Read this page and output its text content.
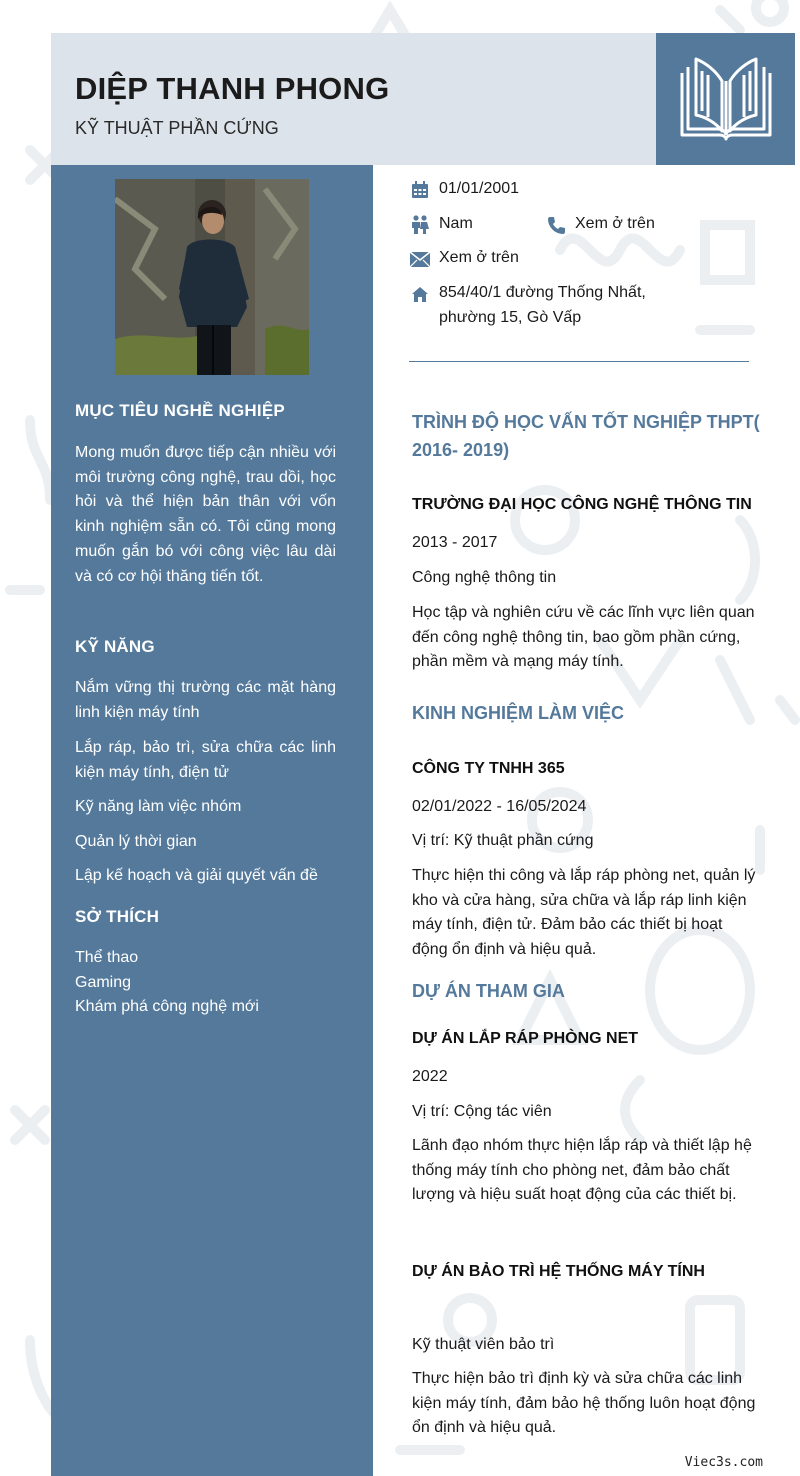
DIỆP THANH PHONG
KỸ THUẬT PHẦN CỨNG
MỤC TIÊU NGHỀ NGHIỆP
Mong muốn được tiếp cận nhiều với môi trường công nghệ, trau dồi, học hỏi và thể hiện bản thân với vốn kinh nghiệm sẵn có. Tôi cũng mong muốn gắn bó với công việc lâu dài và có cơ hội thăng tiến tốt.
KỸ NĂNG
Nắm vững thị trường các mặt hàng linh kiện máy tính
Lắp ráp, bảo trì, sửa chữa các linh kiện máy tính, điện tử
Kỹ năng làm việc nhóm
Quản lý thời gian
Lập kế hoạch và giải quyết vấn đề
SỞ THÍCH
Thể thao
Gaming
Khám phá công nghệ mới
01/01/2001
Nam	Xem ở trên
Xem ở trên
854/40/1 đường Thống Nhất,
phường 15, Gò Vấp
TRÌNH ĐỘ HỌC VẤN TỐT NGHIỆP THPT( 2016- 2019)
TRƯỜNG ĐẠI HỌC CÔNG NGHỆ THÔNG TIN
2013 - 2017
Công nghệ thông tin
Học tập và nghiên cứu về các lĩnh vực liên quan đến công nghệ thông tin, bao gồm phần cứng, phần mềm và mạng máy tính.
KINH NGHIỆM LÀM VIỆC
CÔNG TY TNHH 365
02/01/2022 - 16/05/2024
Vị trí: Kỹ thuật phần cứng
Thực hiện thi công và lắp ráp phòng net, quản lý kho và cửa hàng, sửa chữa và lắp ráp linh kiện máy tính, điện tử. Đảm bảo các thiết bị hoạt động ổn định và hiệu quả.
DỰ ÁN THAM GIA
DỰ ÁN LẮP RÁP PHÒNG NET
2022
Vị trí: Cộng tác viên
Lãnh đạo nhóm thực hiện lắp ráp và thiết lập hệ thống máy tính cho phòng net, đảm bảo chất lượng và hiệu suất hoạt động của các thiết bị.
DỰ ÁN BẢO TRÌ HỆ THỐNG MÁY TÍNH
Kỹ thuật viên bảo trì
Thực hiện bảo trì định kỳ và sửa chữa các linh kiện máy tính, đảm bảo hệ thống luôn hoạt động ổn định và hiệu quả.
Viec3s.com
